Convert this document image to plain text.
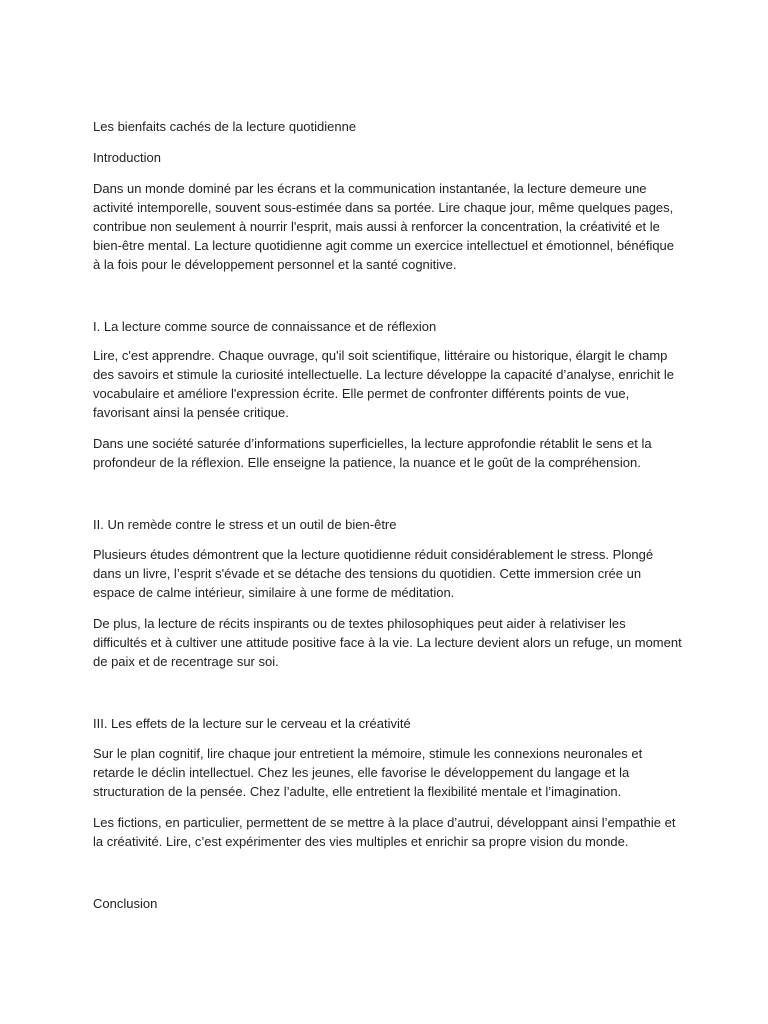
Les bienfaits cachés de la lecture quotidienne

Introduction

Dans un monde dominé par les écrans et la communication instantanée, la lecture demeure une activité intemporelle, souvent sous-estimée dans sa portée. Lire chaque jour, même quelques pages, contribue non seulement à nourrir l'esprit, mais aussi à renforcer la concentration, la créativité et le bien-être mental. La lecture quotidienne agit comme un exercice intellectuel et émotionnel, bénéfique à la fois pour le développement personnel et la santé cognitive.

I. La lecture comme source de connaissance et de réflexion

Lire, c'est apprendre. Chaque ouvrage, qu'il soit scientifique, littéraire ou historique, élargit le champ des savoirs et stimule la curiosité intellectuelle. La lecture développe la capacité d’analyse, enrichit le vocabulaire et améliore l'expression écrite. Elle permet de confronter différents points de vue, favorisant ainsi la pensée critique.

Dans une société saturée d’informations superficielles, la lecture approfondie rétablit le sens et la profondeur de la réflexion. Elle enseigne la patience, la nuance et le goût de la compréhension.

II. Un remède contre le stress et un outil de bien-être

Plusieurs études démontrent que la lecture quotidienne réduit considérablement le stress. Plongé dans un livre, l’esprit s'évade et se détache des tensions du quotidien. Cette immersion crée un espace de calme intérieur, similaire à une forme de méditation.

De plus, la lecture de récits inspirants ou de textes philosophiques peut aider à relativiser les difficultés et à cultiver une attitude positive face à la vie. La lecture devient alors un refuge, un moment de paix et de recentrage sur soi.

III. Les effets de la lecture sur le cerveau et la créativité

Sur le plan cognitif, lire chaque jour entretient la mémoire, stimule les connexions neuronales et retarde le déclin intellectuel. Chez les jeunes, elle favorise le développement du langage et la structuration de la pensée. Chez l’adulte, elle entretient la flexibilité mentale et l’imagination.

Les fictions, en particulier, permettent de se mettre à la place d’autrui, développant ainsi l’empathie et la créativité. Lire, c’est expérimenter des vies multiples et enrichir sa propre vision du monde.

Conclusion
